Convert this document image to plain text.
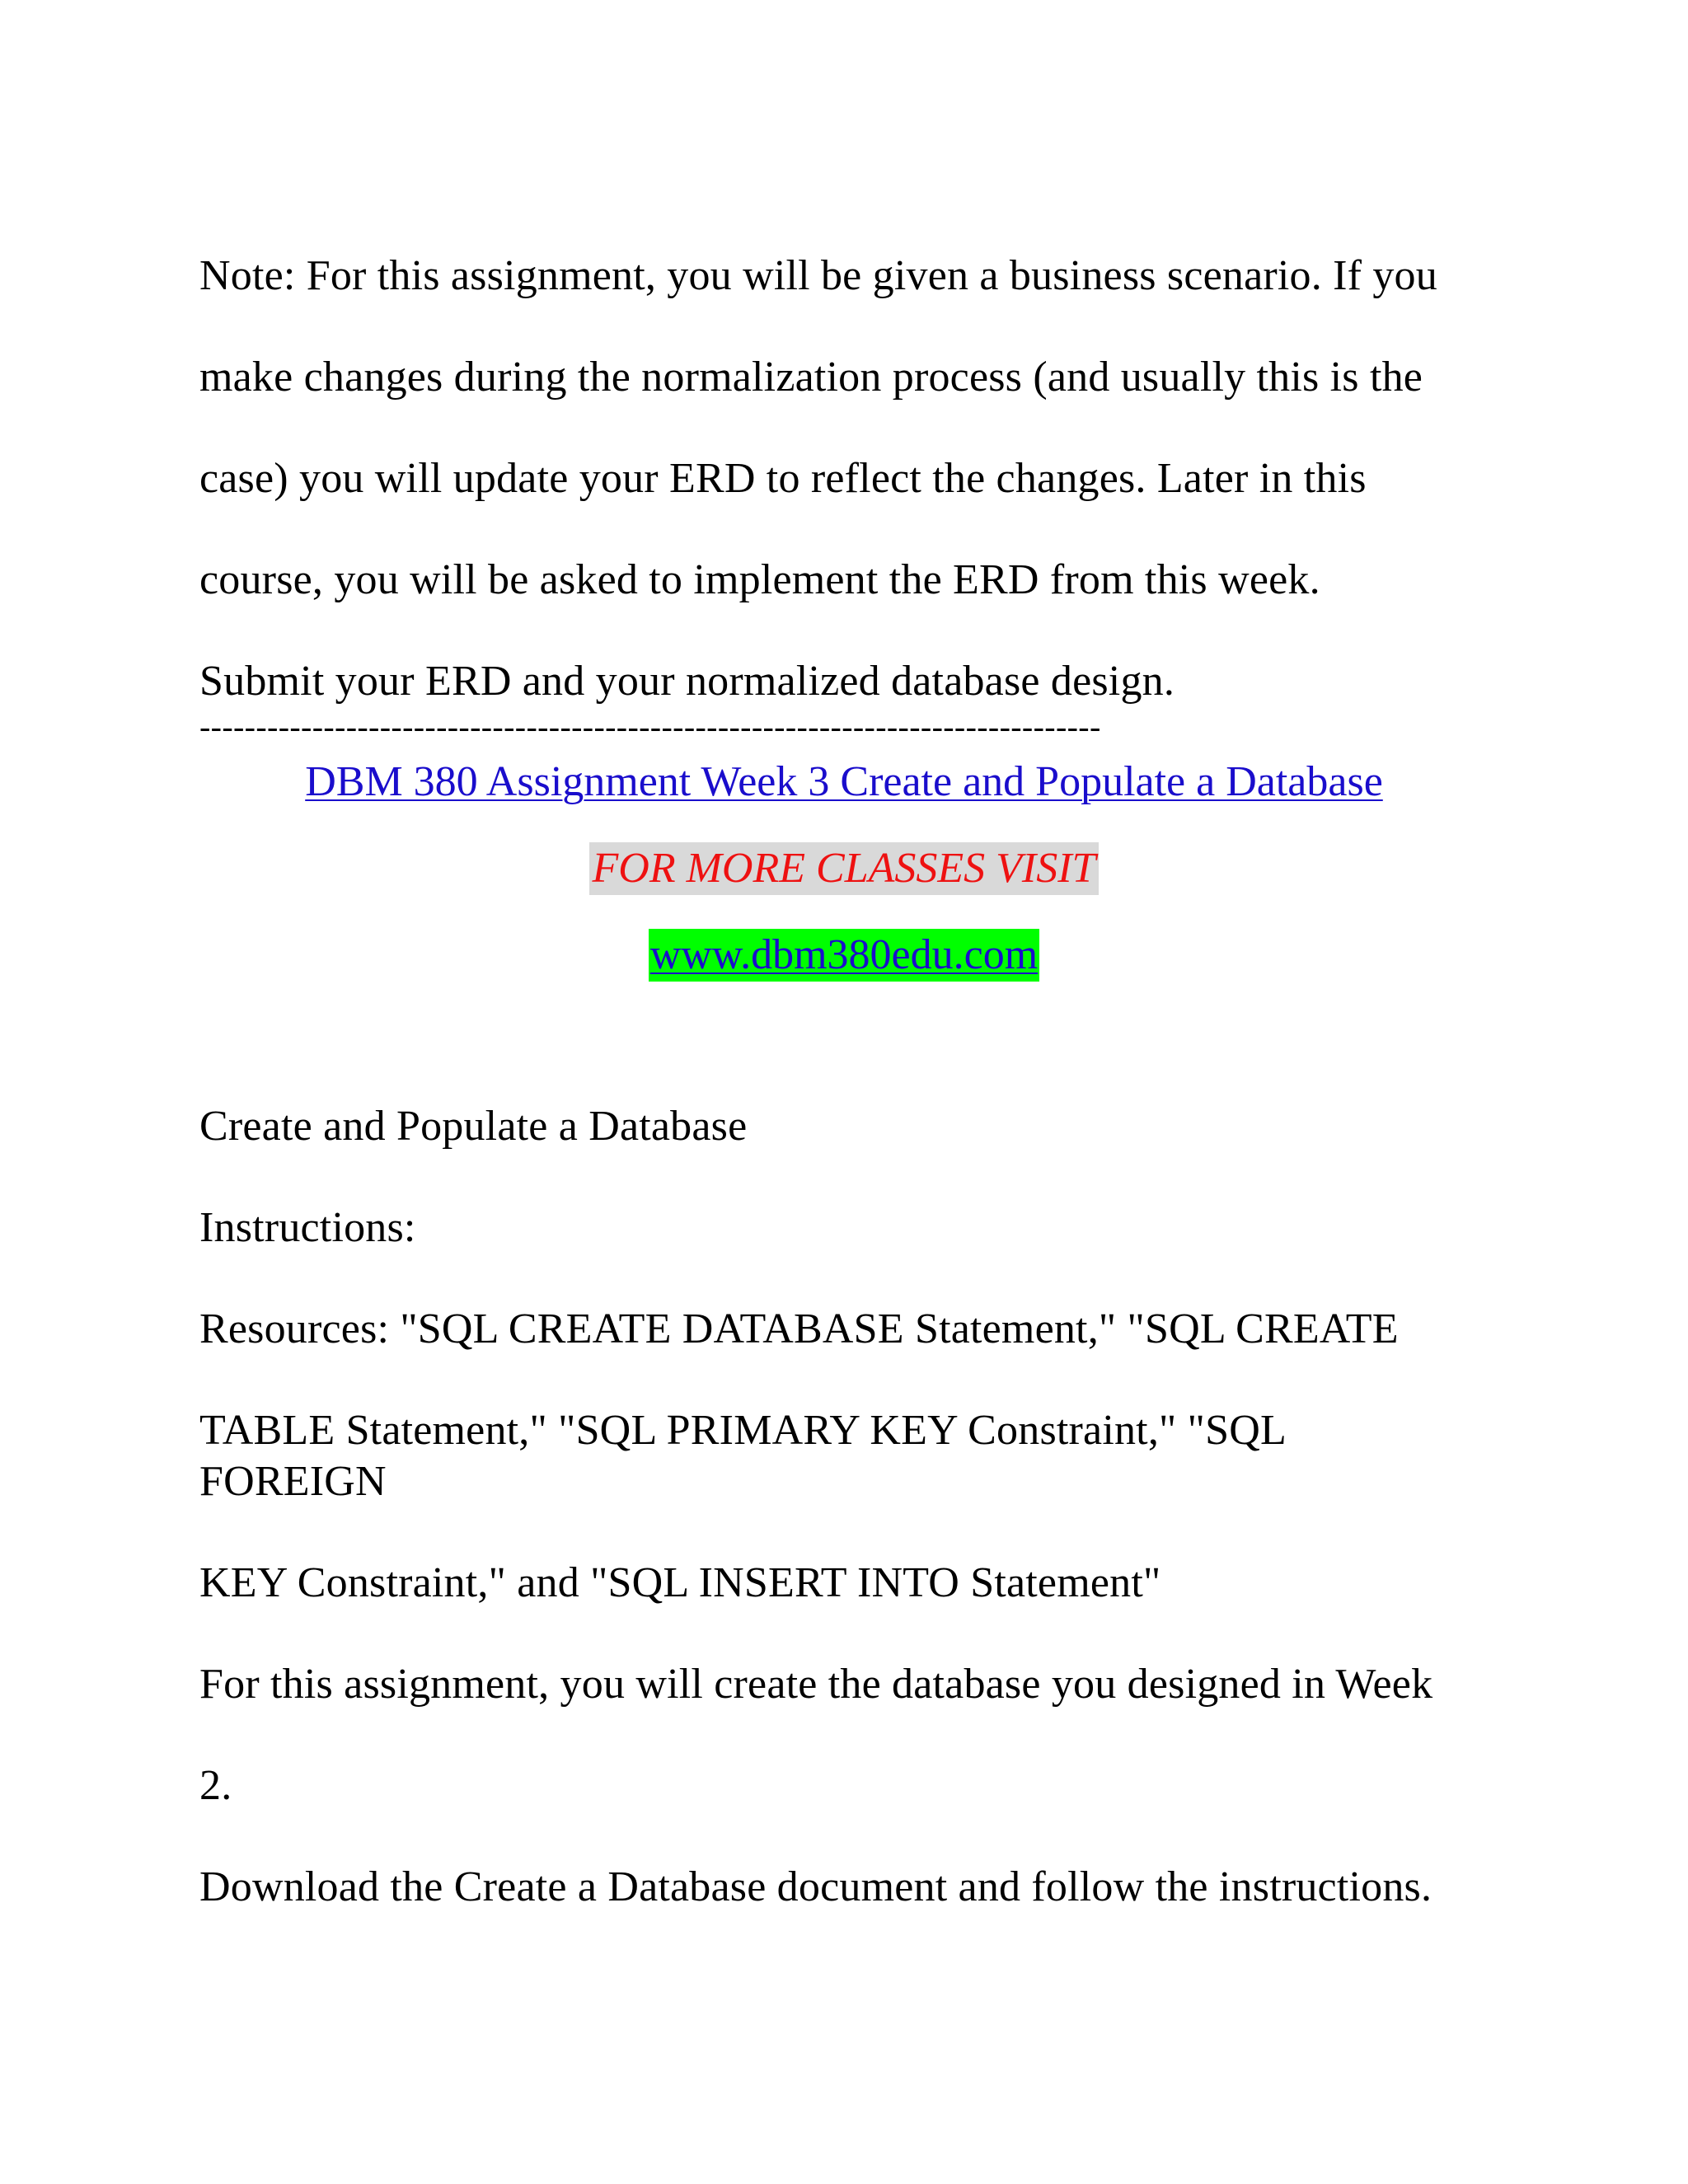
Note: For this assignment, you will be given a business scenario. If you
make changes during the normalization process (and usually this is the
case) you will update your ERD to reflect the changes. Later in this
course, you will be asked to implement the ERD from this week.
Submit your ERD and your normalized database design.
--------------------------------------------------------------------------------
DBM 380 Assignment Week 3 Create and Populate a Database
FOR MORE CLASSES VISIT
www.dbm380edu.com
Create and Populate a Database
Instructions:
Resources: "SQL CREATE DATABASE Statement," "SQL CREATE
TABLE Statement," "SQL PRIMARY KEY Constraint," "SQL
FOREIGN
KEY Constraint," and "SQL INSERT INTO Statement"
For this assignment, you will create the database you designed in Week
2.
Download the Create a Database document and follow the instructions.
